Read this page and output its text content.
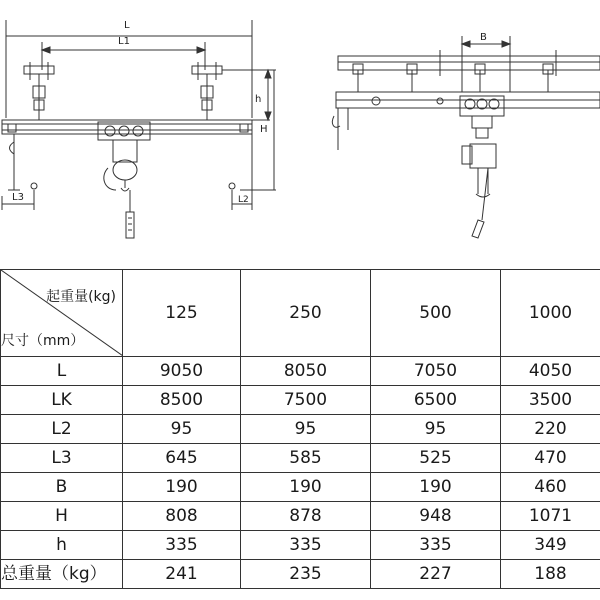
L
L1
h
H
L3	L2
B
起重量(kg)
尺寸（mm）	125	250	500	1000
L	9050	8050	7050	4050
LK	8500	7500	6500	3500
L2	95	95	95	220
L3	645	585	525	470
B	190	190	190	460
H	808	878	948	1071
h	335	335	335	349
总重量（kg）	241	235	227	188
